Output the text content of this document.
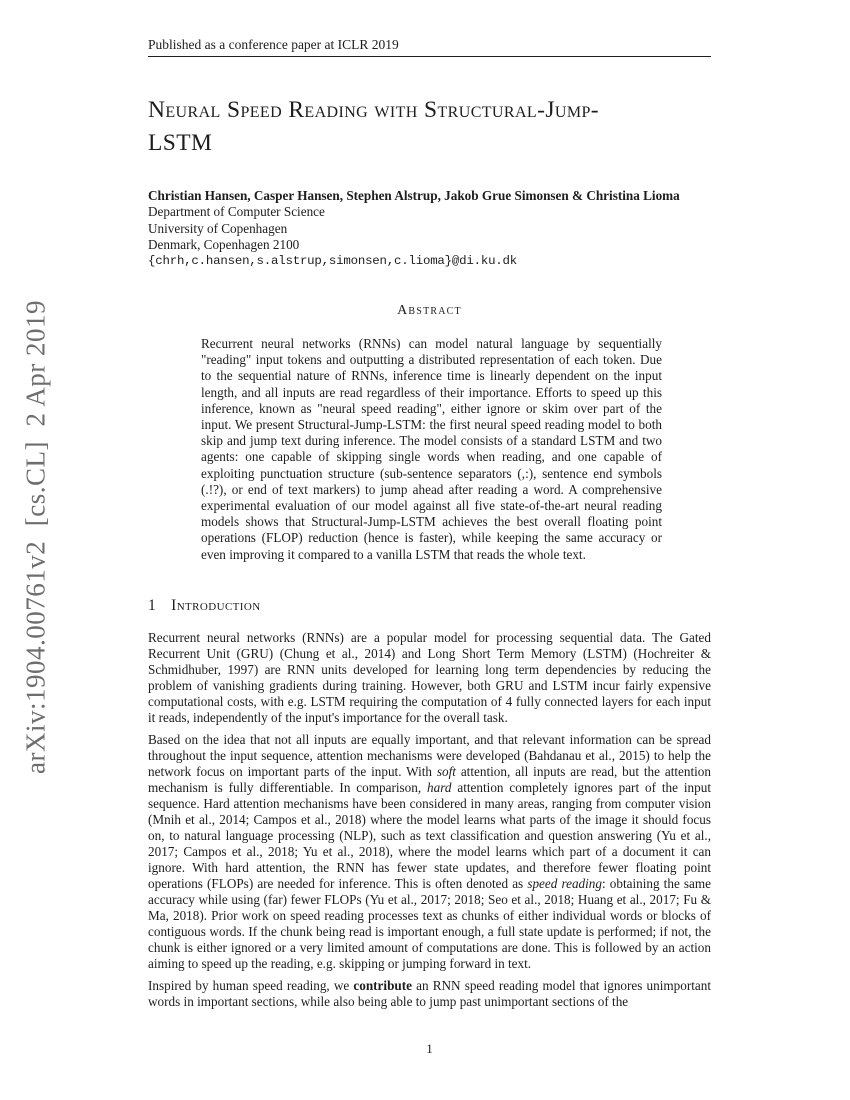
arXiv:1904.00761v2  [cs.CL]  2 Apr 2019
Published as a conference paper at ICLR 2019
Neural Speed Reading with Structural-Jump-
LSTM
Christian Hansen, Casper Hansen, Stephen Alstrup, Jakob Grue Simonsen & Christina Lioma
Department of Computer Science
University of Copenhagen
Denmark, Copenhagen 2100
{chrh,c.hansen,s.alstrup,simonsen,c.lioma}@di.ku.dk
Abstract

Recurrent neural networks (RNNs) can model natural language by sequentially "reading" input tokens and outputting a distributed representation of each token. Due to the sequential nature of RNNs, inference time is linearly dependent on the input length, and all inputs are read regardless of their importance. Efforts to speed up this inference, known as "neural speed reading", either ignore or skim over part of the input. We present Structural-Jump-LSTM: the first neural speed reading model to both skip and jump text during inference. The model consists of a standard LSTM and two agents: one capable of skipping single words when reading, and one capable of exploiting punctuation structure (sub-sentence separators (,:), sentence end symbols (.!?), or end of text markers) to jump ahead after reading a word. A comprehensive experimental evaluation of our model against all five state-of-the-art neural reading models shows that Structural-Jump-LSTM achieves the best overall floating point operations (FLOP) reduction (hence is faster), while keeping the same accuracy or even improving it compared to a vanilla LSTM that reads the whole text.

1 Introduction

Recurrent neural networks (RNNs) are a popular model for processing sequential data. The Gated Recurrent Unit (GRU) (Chung et al., 2014) and Long Short Term Memory (LSTM) (Hochreiter & Schmidhuber, 1997) are RNN units developed for learning long term dependencies by reducing the problem of vanishing gradients during training. However, both GRU and LSTM incur fairly expensive computational costs, with e.g. LSTM requiring the computation of 4 fully connected layers for each input it reads, independently of the input's importance for the overall task.

Based on the idea that not all inputs are equally important, and that relevant information can be spread throughout the input sequence, attention mechanisms were developed (Bahdanau et al., 2015) to help the network focus on important parts of the input. With soft attention, all inputs are read, but the attention mechanism is fully differentiable. In comparison, hard attention completely ignores part of the input sequence. Hard attention mechanisms have been considered in many areas, ranging from computer vision (Mnih et al., 2014; Campos et al., 2018) where the model learns what parts of the image it should focus on, to natural language processing (NLP), such as text classification and question answering (Yu et al., 2017; Campos et al., 2018; Yu et al., 2018), where the model learns which part of a document it can ignore. With hard attention, the RNN has fewer state updates, and therefore fewer floating point operations (FLOPs) are needed for inference. This is often denoted as speed reading: obtaining the same accuracy while using (far) fewer FLOPs (Yu et al., 2017; 2018; Seo et al., 2018; Huang et al., 2017; Fu & Ma, 2018). Prior work on speed reading processes text as chunks of either individual words or blocks of contiguous words. If the chunk being read is important enough, a full state update is performed; if not, the chunk is either ignored or a very limited amount of computations are done. This is followed by an action aiming to speed up the reading, e.g. skipping or jumping forward in text.

Inspired by human speed reading, we contribute an RNN speed reading model that ignores unimportant words in important sections, while also being able to jump past unimportant sections of the

1
